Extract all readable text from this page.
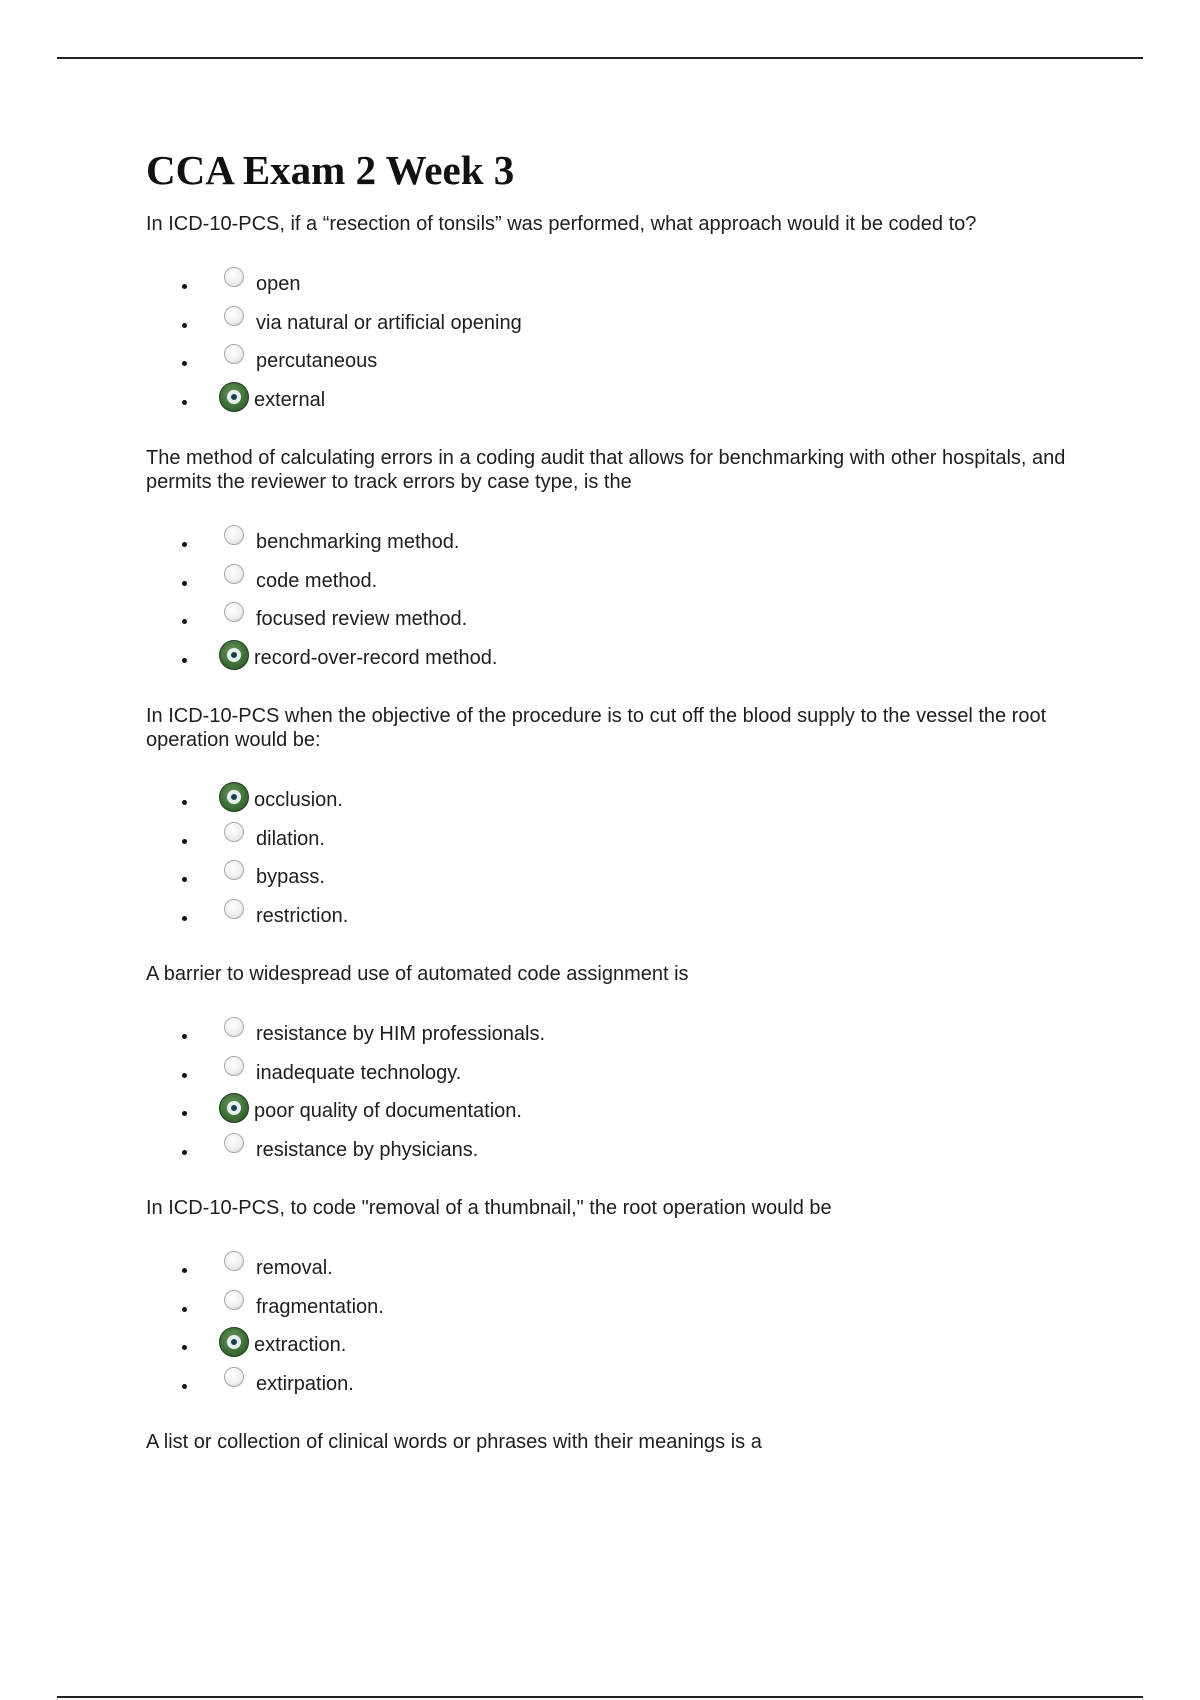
CCA Exam 2 Week 3

In ICD-10-PCS, if a “resection of tonsils” was performed, what approach would it be coded to?

open
via natural or artificial opening
percutaneous
external

The method of calculating errors in a coding audit that allows for benchmarking with other hospitals, and permits the reviewer to track errors by case type, is the

benchmarking method.
code method.
focused review method.
record-over-record method.

In ICD-10-PCS when the objective of the procedure is to cut off the blood supply to the vessel the root operation would be:

occlusion.
dilation.
bypass.
restriction.

A barrier to widespread use of automated code assignment is

resistance by HIM professionals.
inadequate technology.
poor quality of documentation.
resistance by physicians.

In ICD-10-PCS, to code "removal of a thumbnail," the root operation would be

removal.
fragmentation.
extraction.
extirpation.

A list or collection of clinical words or phrases with their meanings is a
